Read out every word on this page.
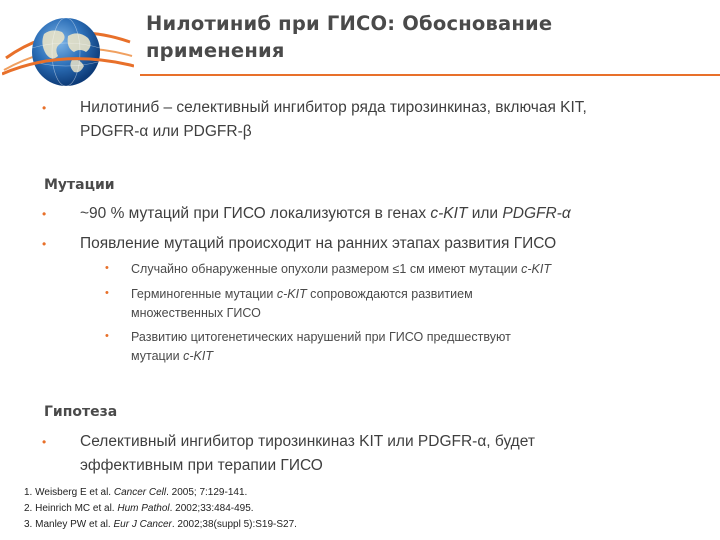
Нилотиниб при ГИСО: Обоснование
применения
• Нилотиниб – селективный ингибитор ряда тирозинкиназ, включая KIT,
PDGFR-α или PDGFR-β
Мутации
• ~90 % мутаций при ГИСО локализуются в генах c-KIT или PDGFR-α
• Появление мутаций происходит на ранних этапах развития ГИСО
• Случайно обнаруженные опухоли размером ≤1 см имеют мутации c-KIT
• Герминогенные мутации c-KIT сопровождаются развитием
множественных ГИСО
• Развитию цитогенетических нарушений при ГИСО предшествуют
мутации c-KIT
Гипотеза
• Селективный ингибитор тирозинкиназ KIT или PDGFR-α, будет
эффективным при терапии ГИСО
1. Weisberg E et al. Cancer Cell. 2005; 7:129-141.
2. Heinrich MC et al. Hum Pathol. 2002;33:484-495.
3. Manley PW et al. Eur J Cancer. 2002;38(suppl 5):S19-S27.
